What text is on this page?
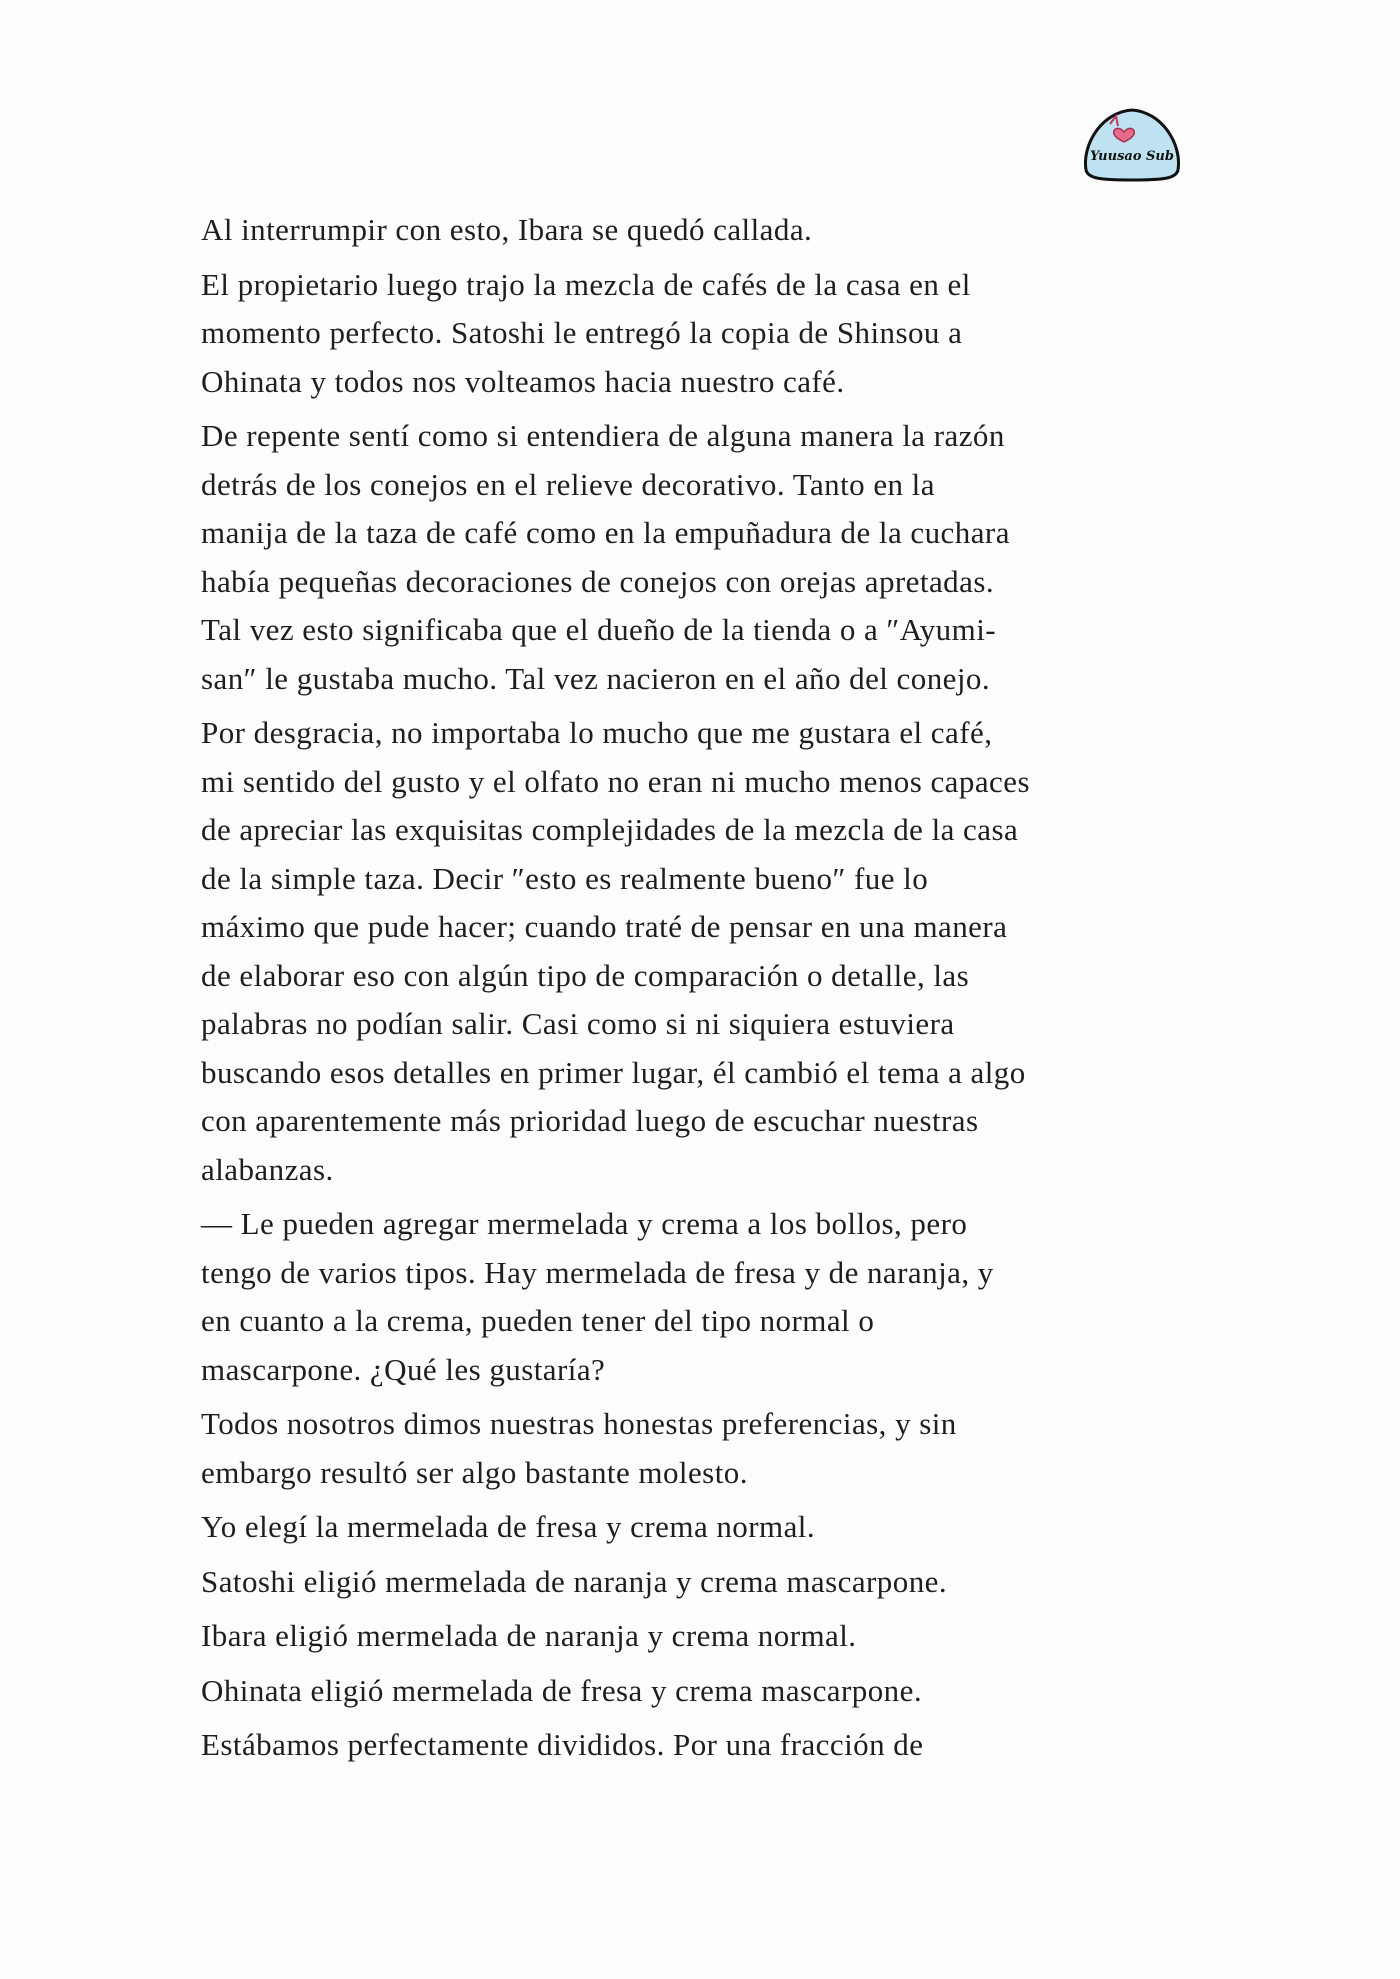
Yuusao Sub

Al interrumpir con esto, Ibara se quedó callada.

El propietario luego trajo la mezcla de cafés de la casa en el
momento perfecto. Satoshi le entregó la copia de Shinsou a
Ohinata y todos nos volteamos hacia nuestro café.

De repente sentí como si entendiera de alguna manera la razón
detrás de los conejos en el relieve decorativo. Tanto en la
manija de la taza de café como en la empuñadura de la cuchara
había pequeñas decoraciones de conejos con orejas apretadas.
Tal vez esto significaba que el dueño de la tienda o a ″Ayumi-
san″ le gustaba mucho. Tal vez nacieron en el año del conejo.

Por desgracia, no importaba lo mucho que me gustara el café,
mi sentido del gusto y el olfato no eran ni mucho menos capaces
de apreciar las exquisitas complejidades de la mezcla de la casa
de la simple taza. Decir ″esto es realmente bueno″ fue lo
máximo que pude hacer; cuando traté de pensar en una manera
de elaborar eso con algún tipo de comparación o detalle, las
palabras no podían salir. Casi como si ni siquiera estuviera
buscando esos detalles en primer lugar, él cambió el tema a algo
con aparentemente más prioridad luego de escuchar nuestras
alabanzas.

— Le pueden agregar mermelada y crema a los bollos, pero
tengo de varios tipos. Hay mermelada de fresa y de naranja, y
en cuanto a la crema, pueden tener del tipo normal o
mascarpone. ¿Qué les gustaría?

Todos nosotros dimos nuestras honestas preferencias, y sin
embargo resultó ser algo bastante molesto.

Yo elegí la mermelada de fresa y crema normal.

Satoshi eligió mermelada de naranja y crema mascarpone.

Ibara eligió mermelada de naranja y crema normal.

Ohinata eligió mermelada de fresa y crema mascarpone.

Estábamos perfectamente divididos. Por una fracción de
